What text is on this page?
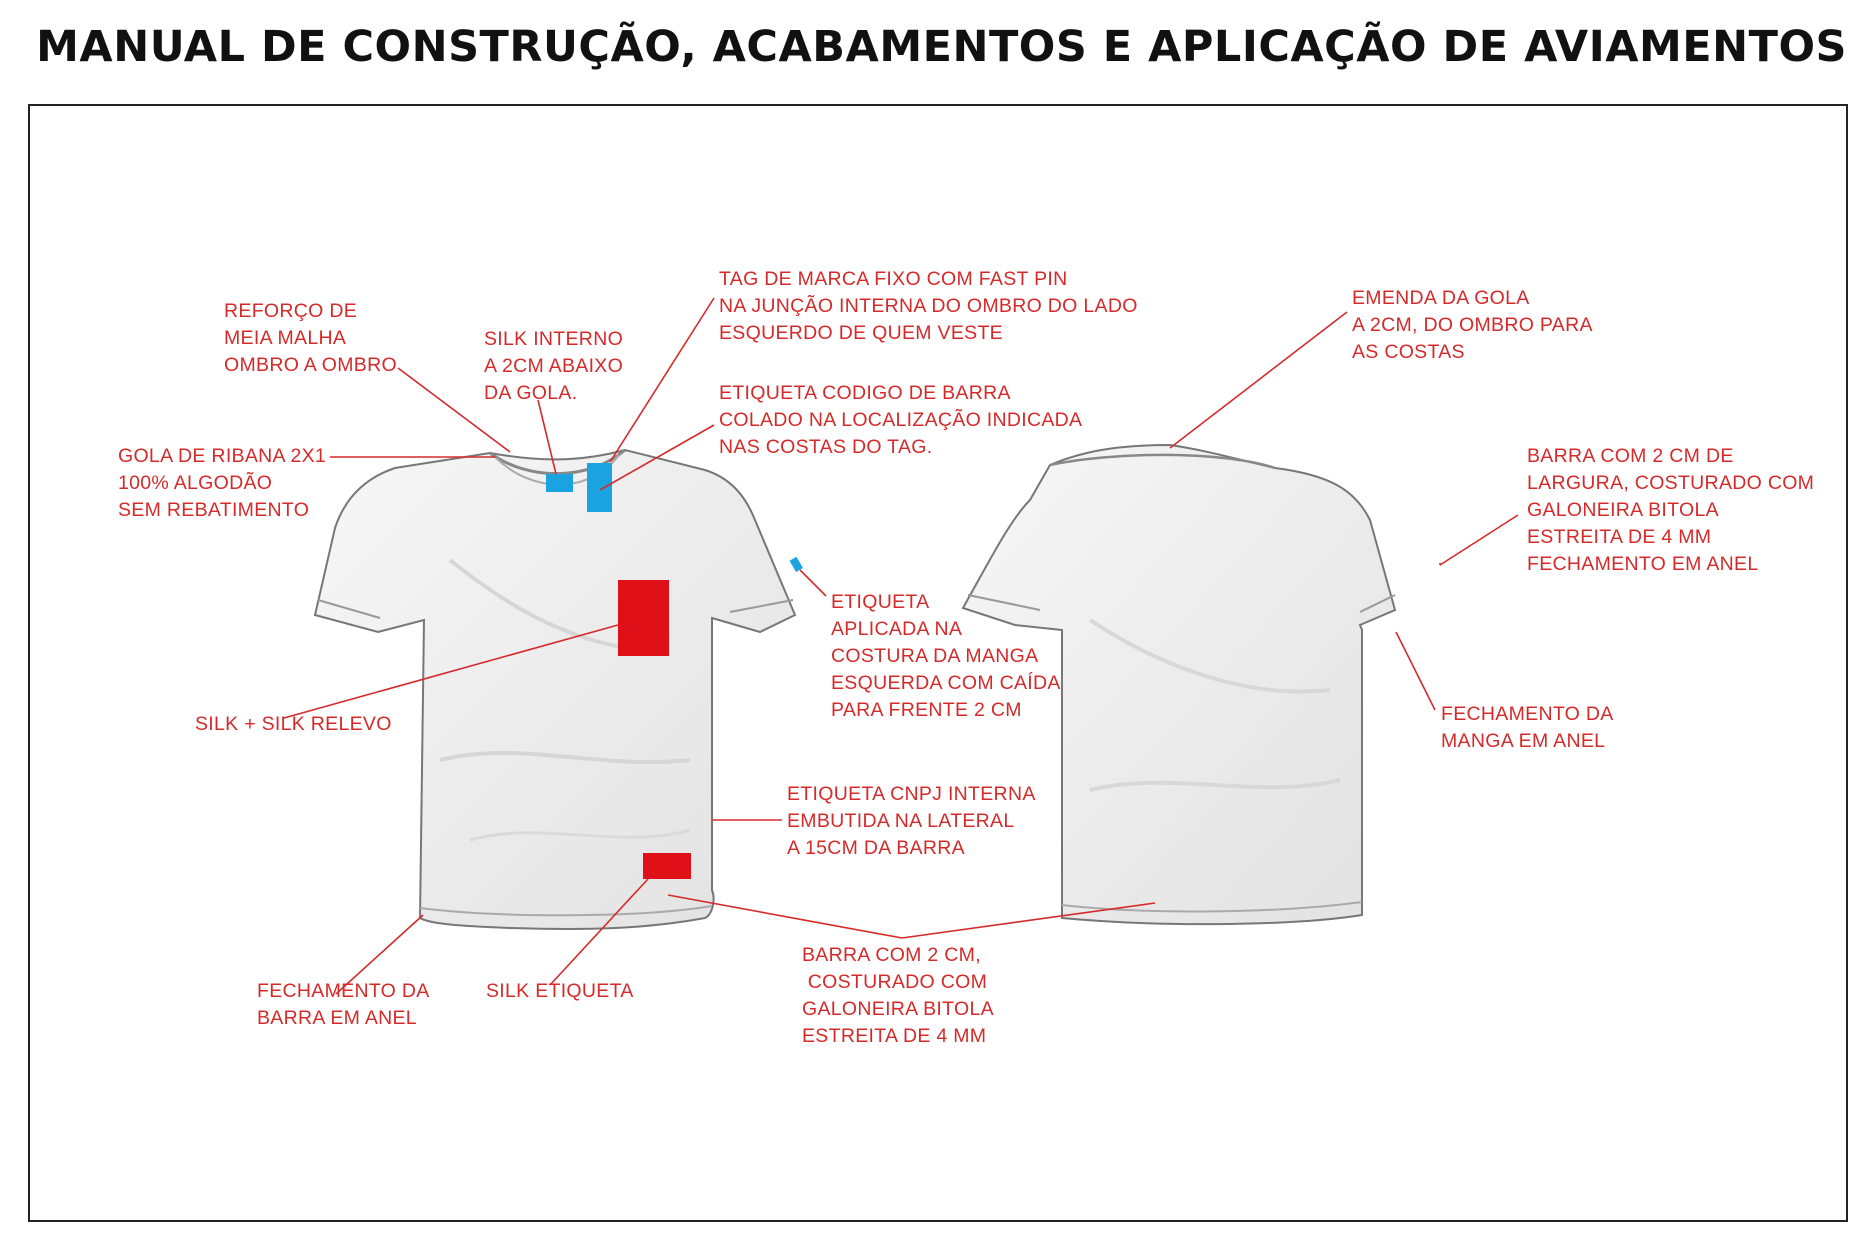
MANUAL DE CONSTRUÇÃO, ACABAMENTOS E APLICAÇÃO DE AVIAMENTOS
REFORÇO DE
MEIA MALHA
OMBRO A OMBRO
SILK INTERNO
A 2CM ABAIXO
DA GOLA.
TAG DE MARCA FIXO COM FAST PIN
NA JUNÇÃO INTERNA DO OMBRO DO LADO
ESQUERDO DE QUEM VESTE
ETIQUETA CODIGO DE BARRA
COLADO NA LOCALIZAÇÃO INDICADA
NAS COSTAS DO TAG.
GOLA DE RIBANA 2X1
100% ALGODÃO
SEM REBATIMENTO
ETIQUETA
APLICADA NA
COSTURA DA MANGA
ESQUERDA COM CAÍDA
PARA FRENTE 2 CM
SILK + SILK RELEVO
ETIQUETA CNPJ INTERNA
EMBUTIDA NA LATERAL
A 15CM DA BARRA
FECHAMENTO DA
BARRA EM ANEL
SILK ETIQUETA
BARRA COM 2 CM,
COSTURADO COM
GALONEIRA BITOLA
ESTREITA DE 4 MM
EMENDA DA GOLA
A 2CM, DO OMBRO PARA
AS COSTAS
BARRA COM 2 CM DE
LARGURA, COSTURADO COM
GALONEIRA BITOLA
ESTREITA DE 4 MM
FECHAMENTO EM ANEL
FECHAMENTO DA
MANGA EM ANEL
